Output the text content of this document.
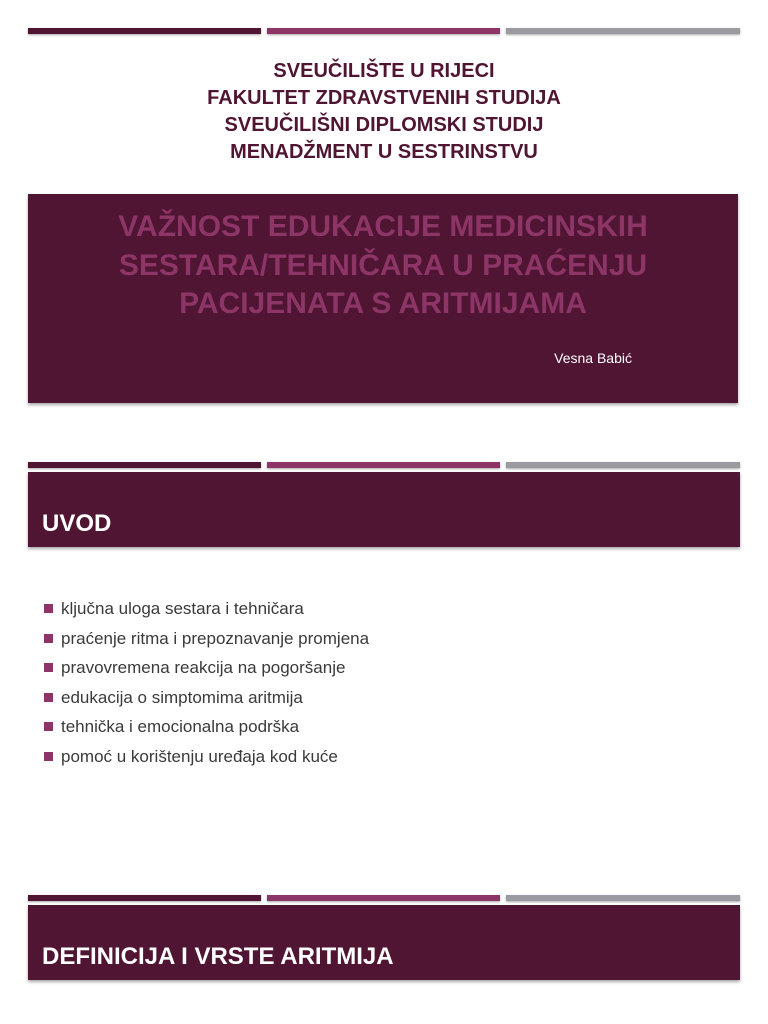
SVEUČILIŠTE U RIJECI
FAKULTET ZDRAVSTVENIH STUDIJA
SVEUČILIŠNI DIPLOMSKI STUDIJ
MENADŽMENT U SESTRINSTVU
VAŽNOST EDUKACIJE MEDICINSKIH
SESTARA/TEHNIČARA U PRAĆENJU
PACIJENATA S ARITMIJAMA
Vesna Babić
UVOD
ključna uloga sestara i tehničara
praćenje ritma i prepoznavanje promjena
pravovremena reakcija na pogoršanje
edukacija o simptomima aritmija
tehnička i emocionalna podrška
pomoć u korištenju uređaja kod kuće
DEFINICIJA I VRSTE ARITMIJA
